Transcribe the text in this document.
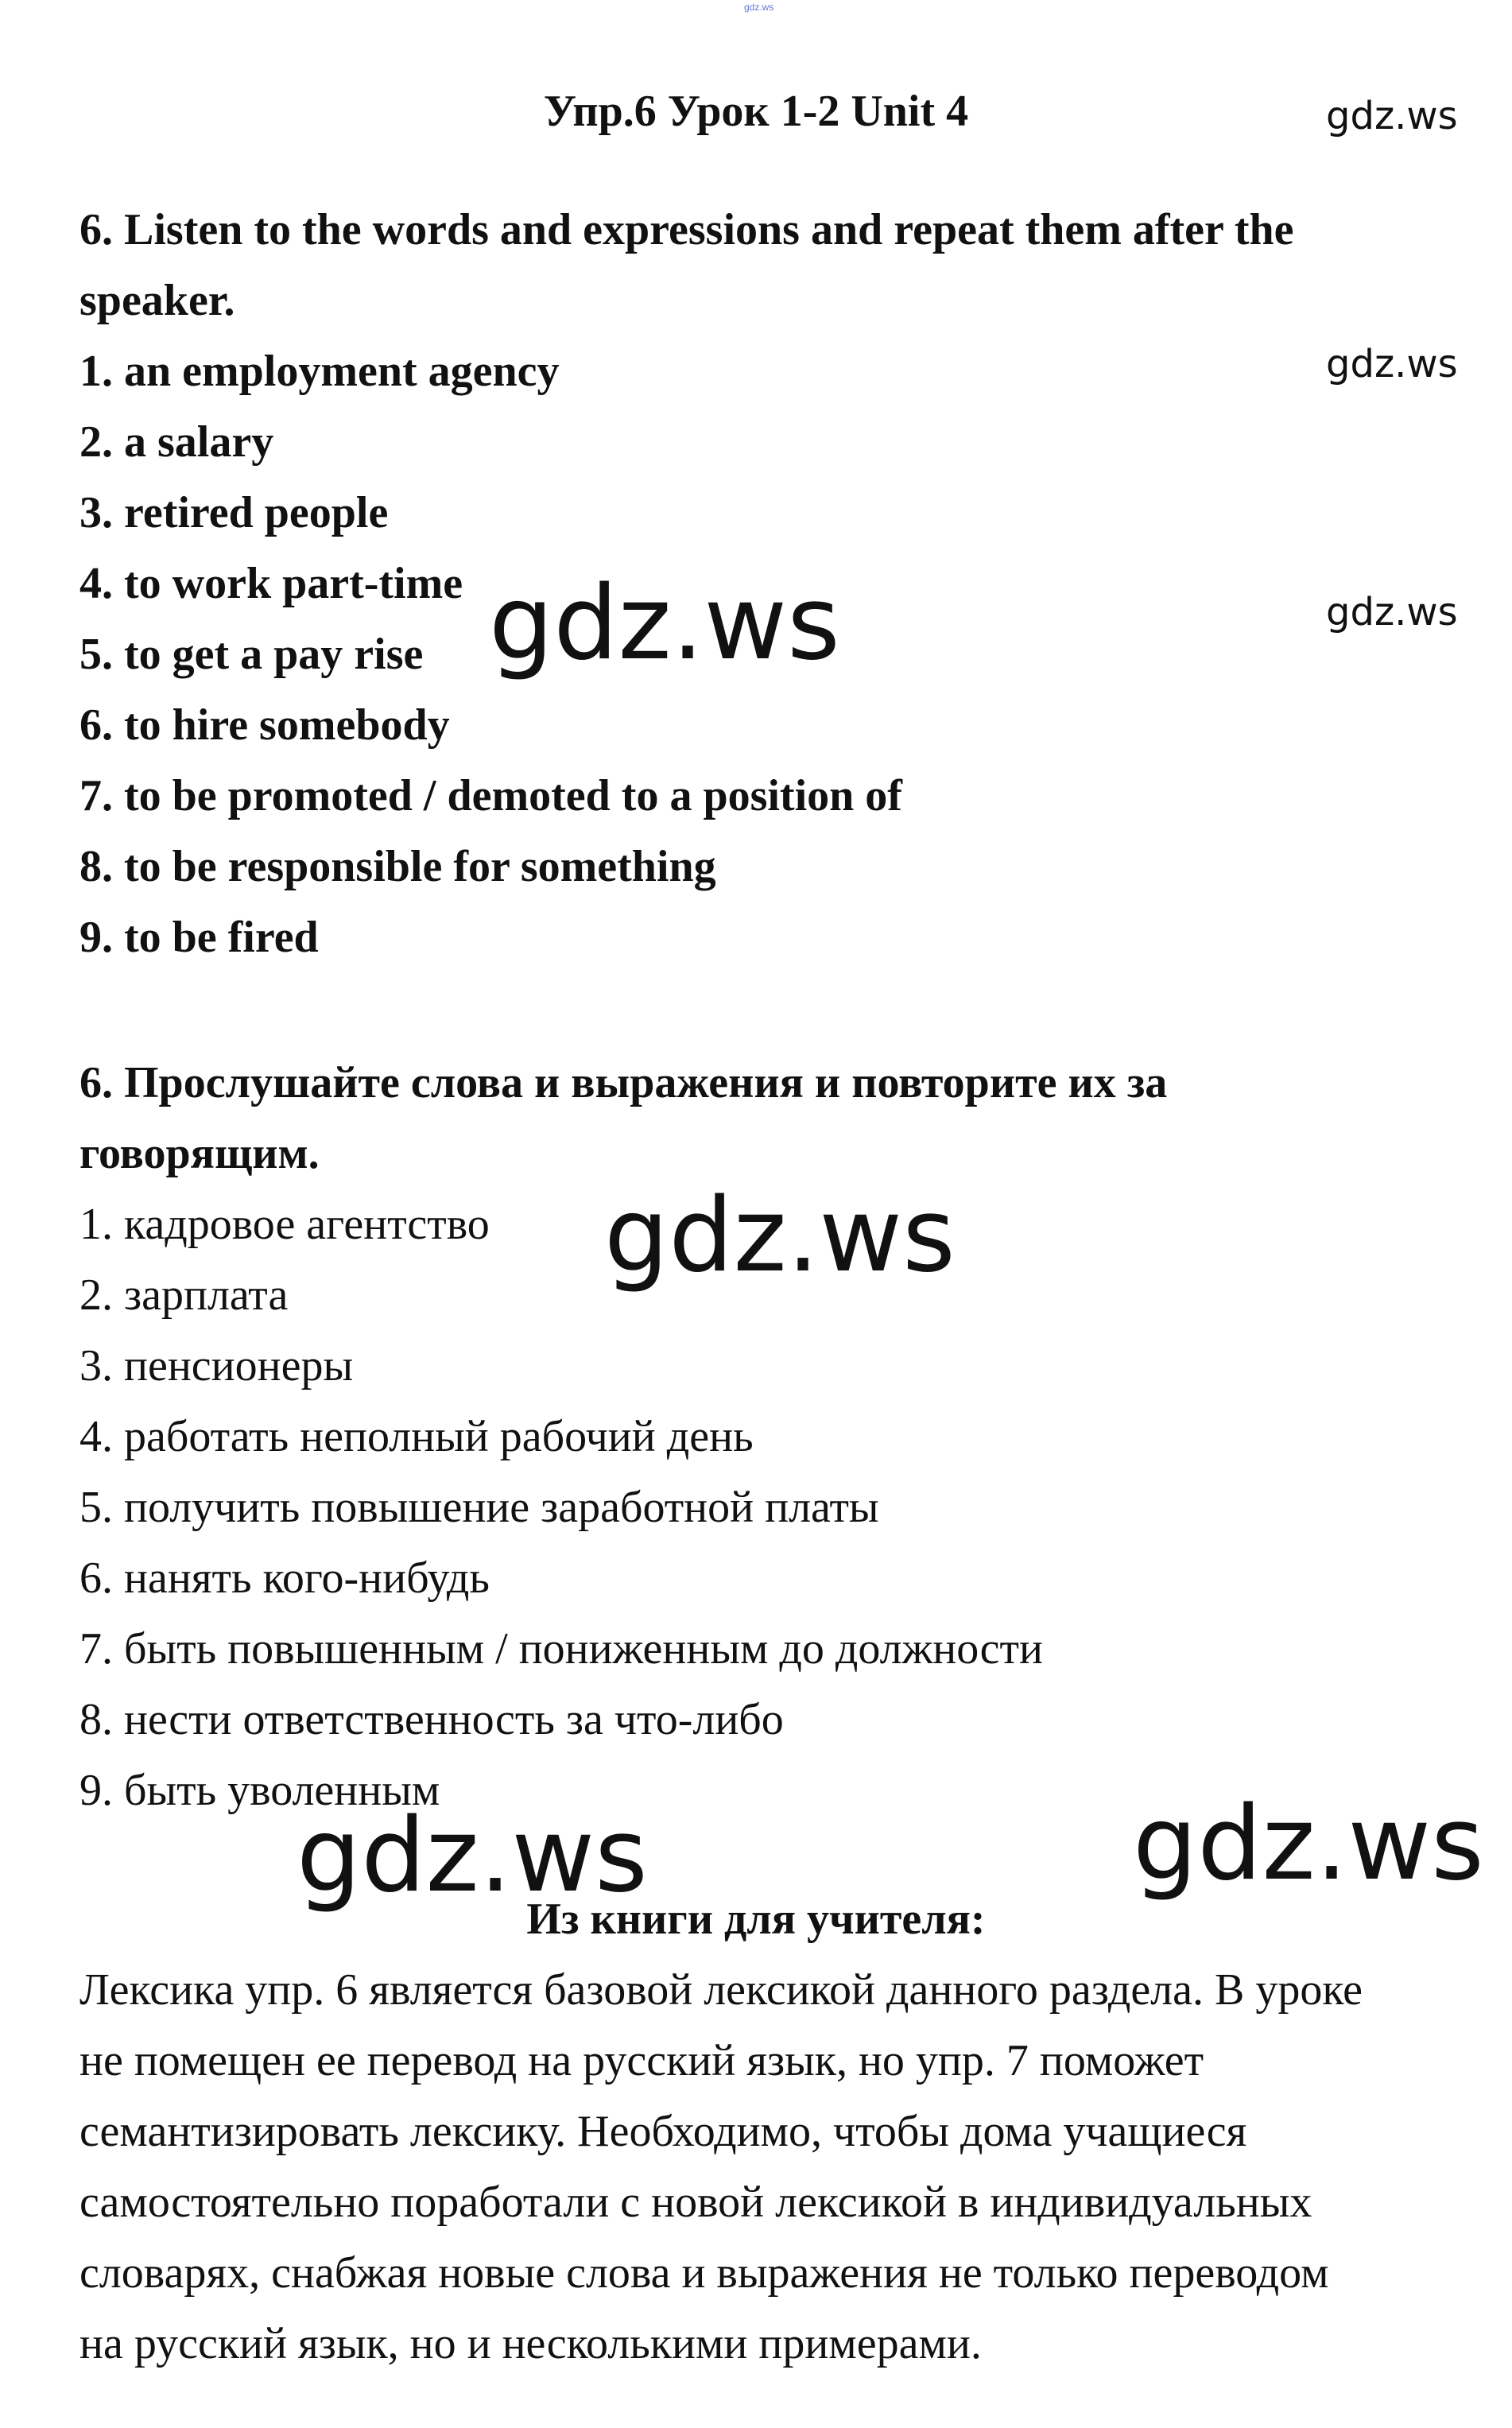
gdz.ws
Упр.6 Урок 1-2 Unit 4	gdz.ws
gdz.ws
gdz.ws
gdz.ws
gdz.ws
gdz.ws	gdz.ws
6. Listen to the words and expressions and repeat them after the
speaker.
1. an employment agency
2. a salary
3. retired people
4. to work part-time
5. to get a pay rise
6. to hire somebody
7. to be promoted / demoted to a position of
8. to be responsible for something
9. to be fired
6. Прослушайте слова и выражения и повторите их за
говорящим.
1. кадровое агентство
2. зарплата
3. пенсионеры
4. работать неполный рабочий день
5. получить повышение заработной платы
6. нанять кого-нибудь
7. быть повышенным / пониженным до должности
8. нести ответственность за что-либо
9. быть уволенным
Из книги для учителя:
Лексика упр. 6 является базовой лексикой данного раздела. В уроке
не помещен ее перевод на русский язык, но упр. 7 поможет
семантизировать лексику. Необходимо, чтобы дома учащиеся
самостоятельно поработали с новой лексикой в индивидуальных
словарях, снабжая новые слова и выражения не только переводом
на русский язык, но и несколькими примерами.
